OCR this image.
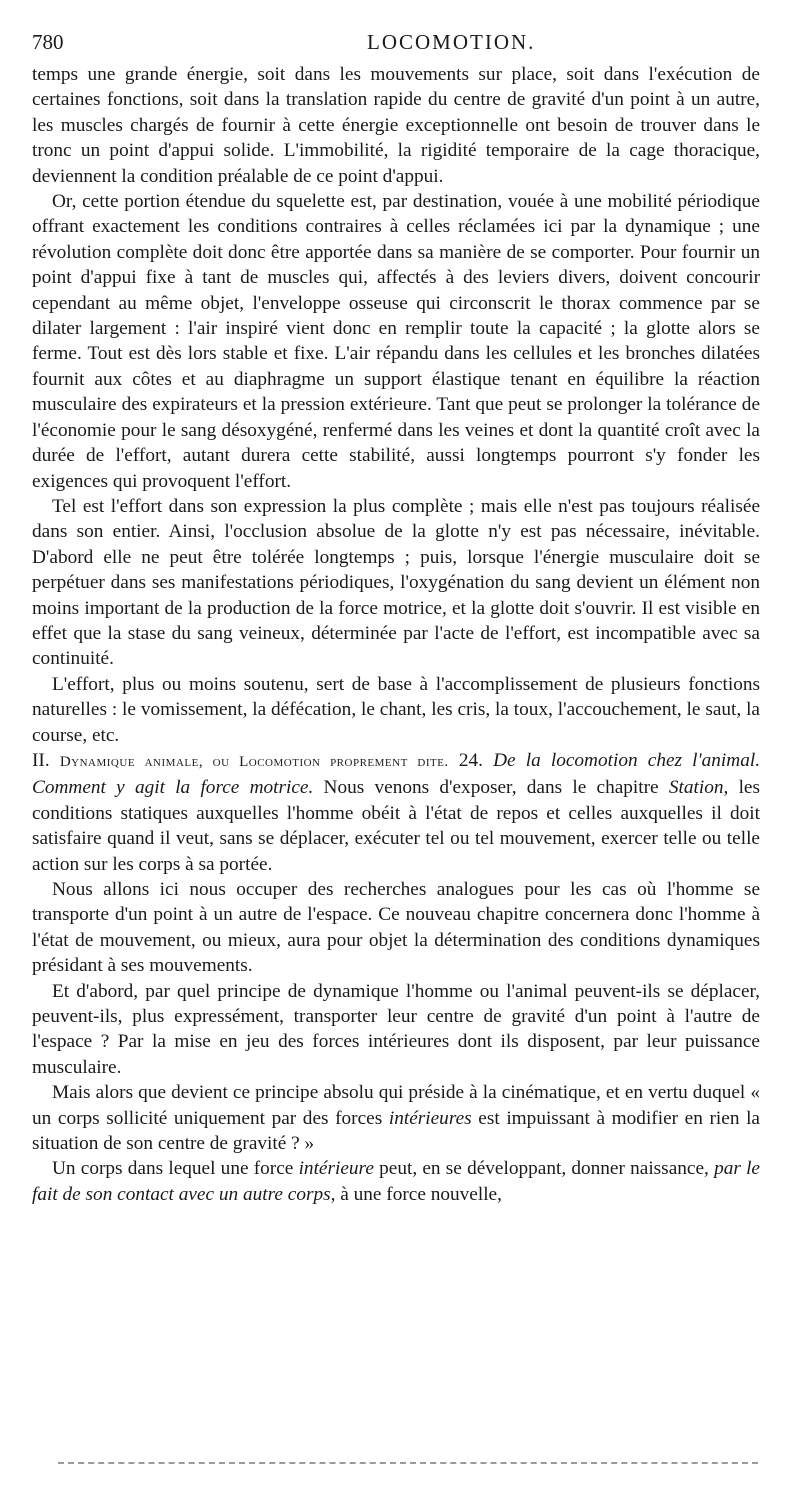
780	LOCOMOTION.

temps une grande énergie, soit dans les mouvements sur place, soit dans l'exécution de certaines fonctions, soit dans la translation rapide du centre de gravité d'un point à un autre, les muscles chargés de fournir à cette énergie exceptionnelle ont besoin de trouver dans le tronc un point d'appui solide. L'immobilité, la rigidité temporaire de la cage thoracique, deviennent la condition préalable de ce point d'appui.

Or, cette portion étendue du squelette est, par destination, vouée à une mobilité périodique offrant exactement les conditions contraires à celles réclamées ici par la dynamique ; une révolution complète doit donc être apportée dans sa manière de se comporter. Pour fournir un point d'appui fixe à tant de muscles qui, affectés à des leviers divers, doivent concourir cependant au même objet, l'enveloppe osseuse qui circonscrit le thorax commence par se dilater largement : l'air inspiré vient donc en remplir toute la capacité ; la glotte alors se ferme. Tout est dès lors stable et fixe. L'air répandu dans les cellules et les bronches dilatées fournit aux côtes et au diaphragme un support élastique tenant en équilibre la réaction musculaire des expirateurs et la pression extérieure. Tant que peut se prolonger la tolérance de l'économie pour le sang désoxygéné, renfermé dans les veines et dont la quantité croît avec la durée de l'effort, autant durera cette stabilité, aussi longtemps pourront s'y fonder les exigences qui provoquent l'effort.

Tel est l'effort dans son expression la plus complète ; mais elle n'est pas toujours réalisée dans son entier. Ainsi, l'occlusion absolue de la glotte n'y est pas nécessaire, inévitable. D'abord elle ne peut être tolérée longtemps ; puis, lorsque l'énergie musculaire doit se perpétuer dans ses manifestations périodiques, l'oxygénation du sang devient un élément non moins important de la production de la force motrice, et la glotte doit s'ouvrir. Il est visible en effet que la stase du sang veineux, déterminée par l'acte de l'effort, est incompatible avec sa continuité.

L'effort, plus ou moins soutenu, sert de base à l'accomplissement de plusieurs fonctions naturelles : le vomissement, la défécation, le chant, les cris, la toux, l'accouchement, le saut, la course, etc.

II. Dynamique animale, ou Locomotion proprement dite. 24. De la locomotion chez l'animal. Comment y agit la force motrice. Nous venons d'exposer, dans le chapitre Station, les conditions statiques auxquelles l'homme obéit à l'état de repos et celles auxquelles il doit satisfaire quand il veut, sans se déplacer, exécuter tel ou tel mouvement, exercer telle ou telle action sur les corps à sa portée.

Nous allons ici nous occuper des recherches analogues pour les cas où l'homme se transporte d'un point à un autre de l'espace. Ce nouveau chapitre concernera donc l'homme à l'état de mouvement, ou mieux, aura pour objet la détermination des conditions dynamiques présidant à ses mouvements.

Et d'abord, par quel principe de dynamique l'homme ou l'animal peuvent-ils se déplacer, peuvent-ils, plus expressément, transporter leur centre de gravité d'un point à l'autre de l'espace ? Par la mise en jeu des forces intérieures dont ils disposent, par leur puissance musculaire.

Mais alors que devient ce principe absolu qui préside à la cinématique, et en vertu duquel « un corps sollicité uniquement par des forces intérieures est impuissant à modifier en rien la situation de son centre de gravité ? »

Un corps dans lequel une force intérieure peut, en se développant, donner naissance, par le fait de son contact avec un autre corps, à une force nouvelle,
